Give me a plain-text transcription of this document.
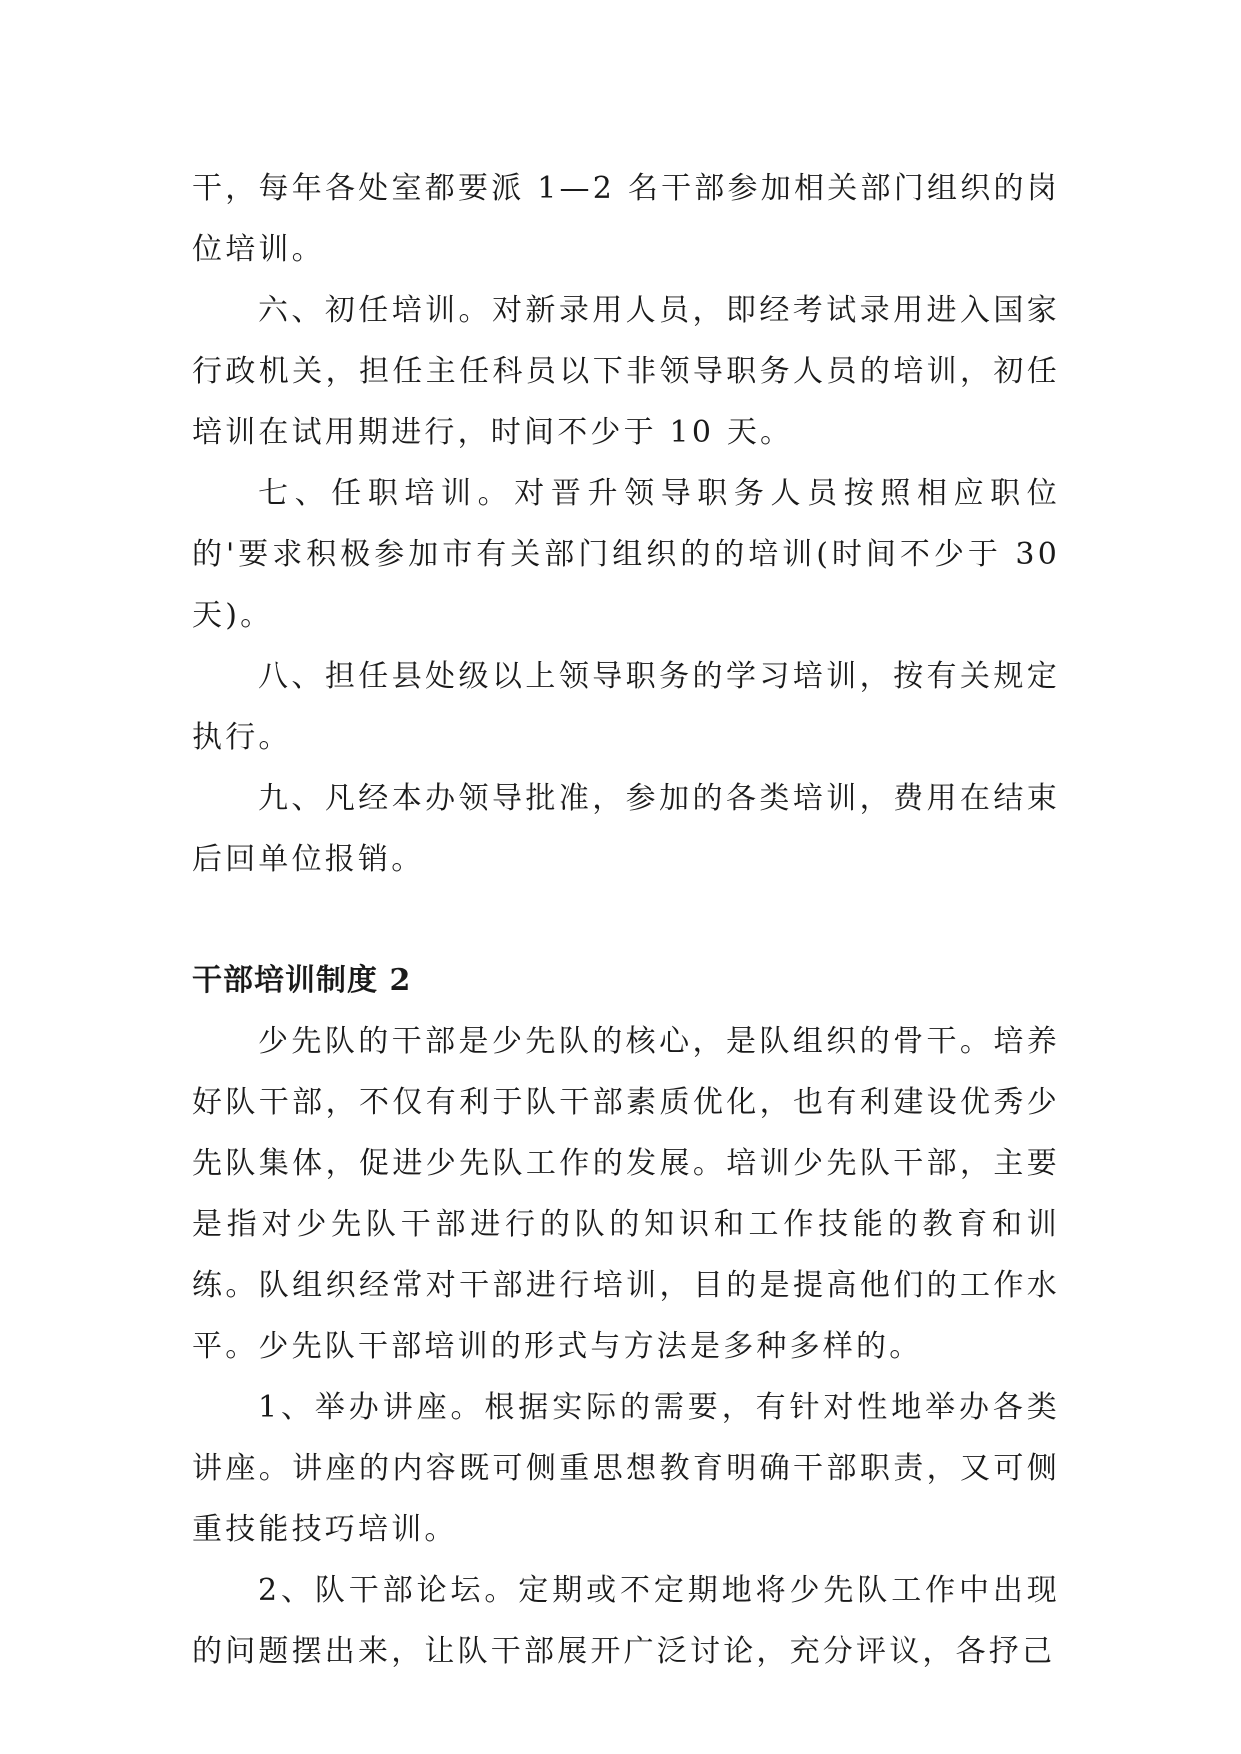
干，每年各处室都要派 1—2 名干部参加相关部门组织的岗位培训。

六、初任培训。对新录用人员，即经考试录用进入国家行政机关，担任主任科员以下非领导职务人员的培训，初任培训在试用期进行，时间不少于 10 天。

七、任职培训。对晋升领导职务人员按照相应职位的'要求积极参加市有关部门组织的的培训(时间不少于 30 天)。

八、担任县处级以上领导职务的学习培训，按有关规定执行。

九、凡经本办领导批准，参加的各类培训，费用在结束后回单位报销。

干部培训制度 2

少先队的干部是少先队的核心，是队组织的骨干。培养好队干部，不仅有利于队干部素质优化，也有利建设优秀少先队集体，促进少先队工作的发展。培训少先队干部，主要是指对少先队干部进行的队的知识和工作技能的教育和训练。队组织经常对干部进行培训，目的是提高他们的工作水平。少先队干部培训的形式与方法是多种多样的。

1、举办讲座。根据实际的需要，有针对性地举办各类讲座。讲座的内容既可侧重思想教育明确干部职责，又可侧重技能技巧培训。

2、队干部论坛。定期或不定期地将少先队工作中出现的问题摆出来，让队干部展开广泛讨论，充分评议，各抒己
